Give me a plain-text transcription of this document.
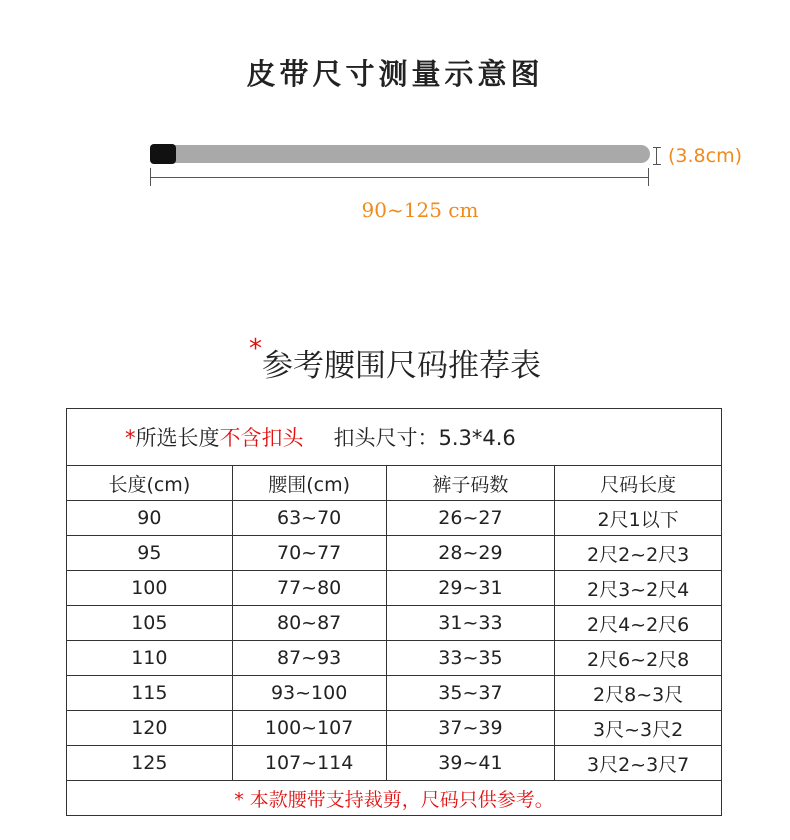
皮带尺寸测量示意图
(3.8cm)
90~125 cm
*参考腰围尺码推荐表
*所选长度不含扣头 扣头尺寸：5.3*4.6			
长度(cm)	腰围(cm)	裤子码数	尺码长度
90	63~70	26~27	2尺1以下
95	70~77	28~29	2尺2~2尺3
100	77~80	29~31	2尺3~2尺4
105	80~87	31~33	2尺4~2尺6
110	87~93	33~35	2尺6~2尺8
115	93~100	35~37	2尺8~3尺
120	100~107	37~39	3尺~3尺2
125	107~114	39~41	3尺2~3尺7
* 本款腰带支持裁剪，尺码只供参考。			
